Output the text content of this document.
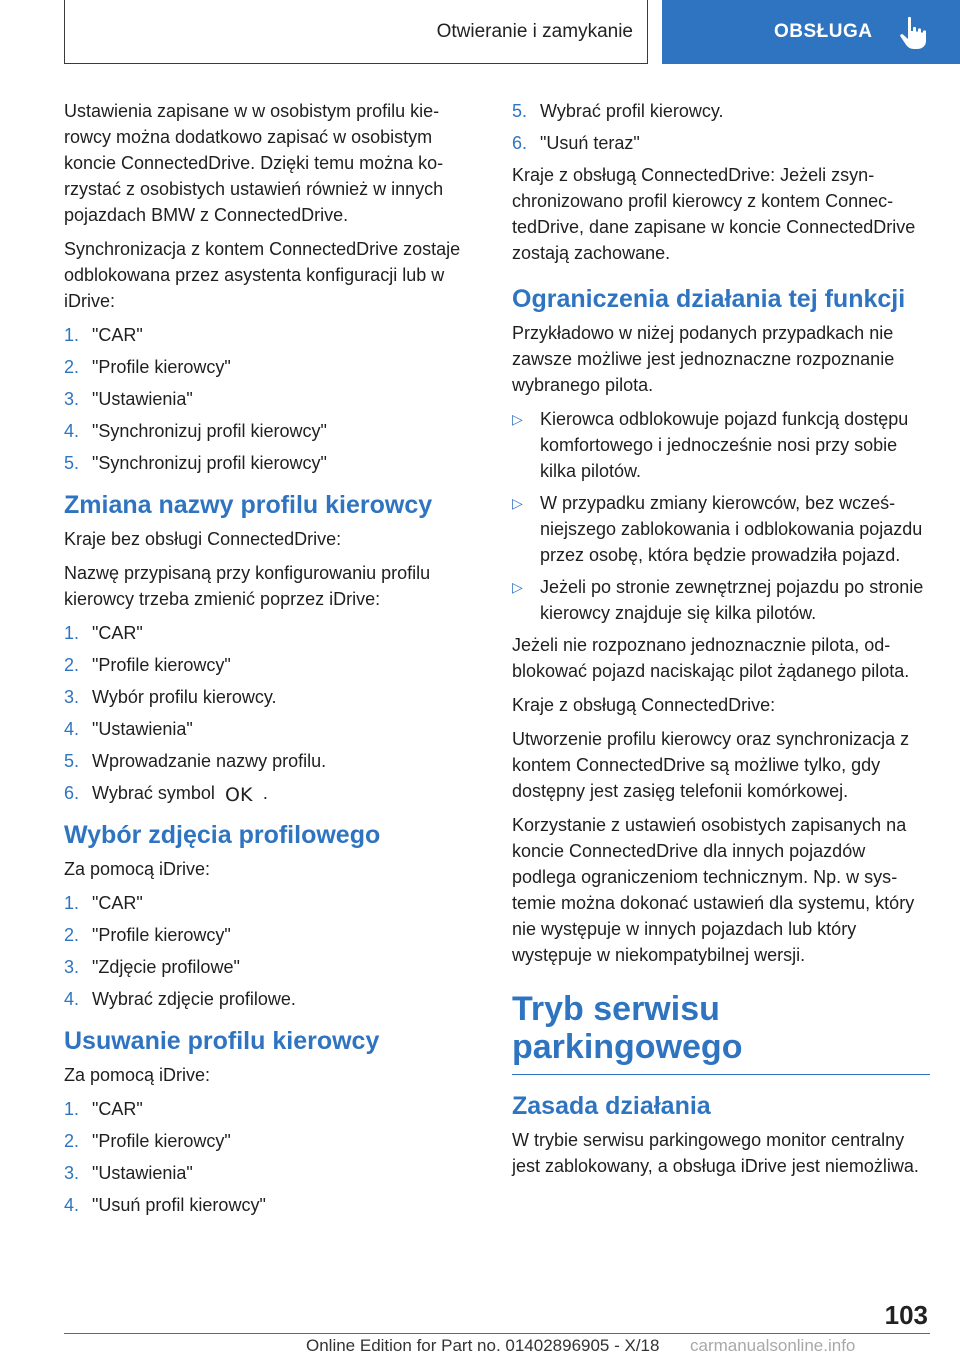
Otwieranie i zamykanie	OBSŁUGA

Ustawienia zapisane w w osobistym profilu kierowcy można dodatkowo zapisać w osobistym koncie ConnectedDrive. Dzięki temu można korzystać z osobistych ustawień również w innych pojazdach BMW z ConnectedDrive.

Synchronizacja z kontem ConnectedDrive zostaje odblokowana przez asystenta konfiguracji lub w iDrive:

1. "CAR"
2. "Profile kierowcy"
3. "Ustawienia"
4. "Synchronizuj profil kierowcy"
5. "Synchronizuj profil kierowcy"
Zmiana nazwy profilu kierowcy

Kraje bez obsługi ConnectedDrive:

Nazwę przypisaną przy konfigurowaniu profilu kierowcy trzeba zmienić poprzez iDrive:

1. "CAR"
2. "Profile kierowcy"
3. Wybór profilu kierowcy.
4. "Ustawienia"
5. Wprowadzanie nazwy profilu.
6. Wybrać symbol OK .
Wybór zdjęcia profilowego

Za pomocą iDrive:

1. "CAR"
2. "Profile kierowcy"
3. "Zdjęcie profilowe"
4. Wybrać zdjęcie profilowe.
Usuwanie profilu kierowcy

Za pomocą iDrive:

1. "CAR"
2. "Profile kierowcy"
3. "Ustawienia"
4. "Usuń profil kierowcy"
5. Wybrać profil kierowcy.
6. "Usuń teraz"

Kraje z obsługą ConnectedDrive: Jeżeli zsynchronizowano profil kierowcy z kontem ConnectedDrive, dane zapisane w koncie ConnectedDrive zostają zachowane.

Ograniczenia działania tej funkcji

Przykładowo w niżej podanych przypadkach nie zawsze możliwe jest jednoznaczne rozpoznanie wybranego pilota.

▷ Kierowca odblokowuje pojazd funkcją dostępu komfortowego i jednocześnie nosi przy sobie kilka pilotów.
▷ W przypadku zmiany kierowców, bez wcześniejszego zablokowania i odblokowania pojazdu przez osobę, która będzie prowadziła pojazd.
▷ Jeżeli po stronie zewnętrznej pojazdu po stronie kierowcy znajduje się kilka pilotów.

Jeżeli nie rozpoznano jednoznacznie pilota, odblokować pojazd naciskając pilot żądanego pilota.

Kraje z obsługą ConnectedDrive:

Utworzenie profilu kierowcy oraz synchronizacja z kontem ConnectedDrive są możliwe tylko, gdy dostępny jest zasięg telefonii komórkowej.

Korzystanie z ustawień osobistych zapisanych na koncie ConnectedDrive dla innych pojazdów podlega ograniczeniom technicznym. Np. w systemie można dokonać ustawień dla systemu, który nie występuje w innych pojazdach lub który występuje w niekompatybilnej wersji.

Tryb serwisu
parkingowego
Zasada działania

W trybie serwisu parkingowego monitor centralny jest zablokowany, a obsługa iDrive jest niemożliwa.

103
Online Edition for Part no. 01402896905 - X/18 carmanualsonline.info
